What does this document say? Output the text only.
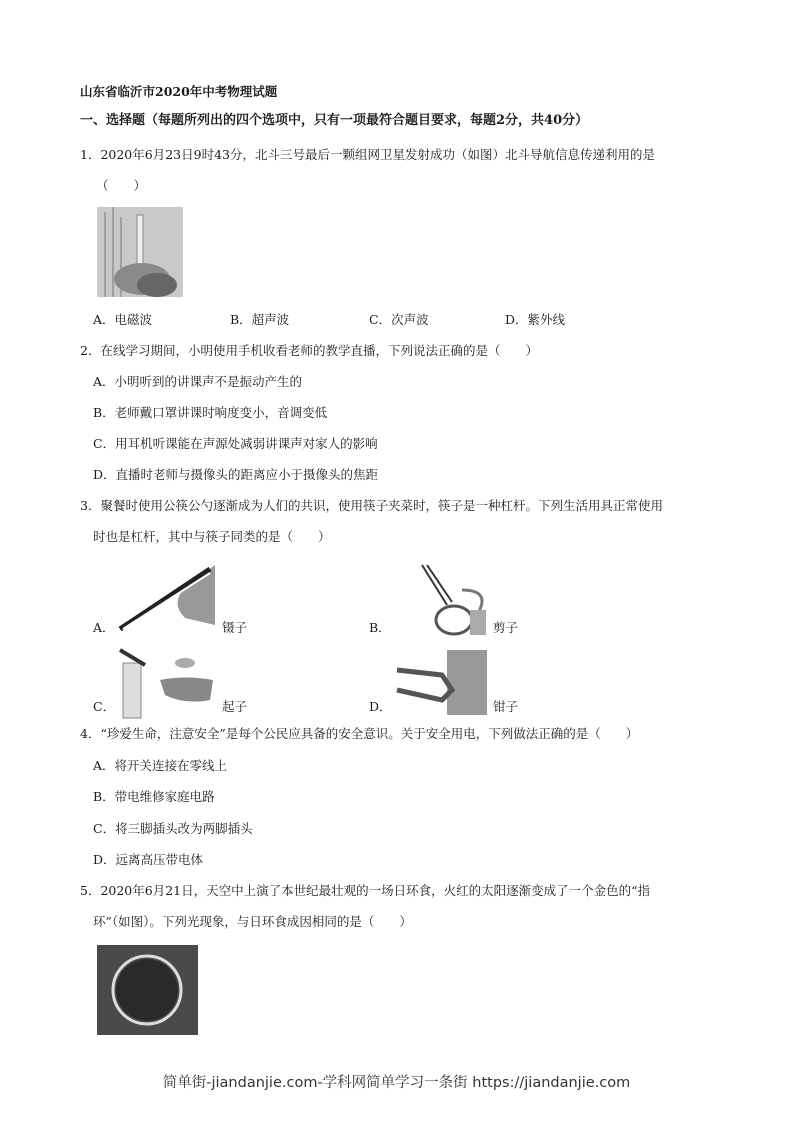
山东省临沂市2020年中考物理试题
一、选择题（每题所列出的四个选项中，只有一项最符合题目要求，每题2分，共40分）
1．2020年6月23日9时43分，北斗三号最后一颗组网卫星发射成功（如图）北斗导航信息传递利用的是
（　　）
A．电磁波	B．超声波	C．次声波	D．紫外线
2．在线学习期间，小明使用手机收看老师的教学直播，下列说法正确的是（　　）
A．小明听到的讲课声不是振动产生的
B．老师戴口罩讲课时响度变小，音调变低
C．用耳机听课能在声源处减弱讲课声对家人的影响
D．直播时老师与摄像头的距离应小于摄像头的焦距
3．聚餐时使用公筷公勺逐渐成为人们的共识，使用筷子夹菜时，筷子是一种杠杆。下列生活用具正常使用
时也是杠杆，其中与筷子同类的是（　　）
A．	镊子	B．	剪子
C．	起子	D．	钳子
4．“珍爱生命，注意安全”是每个公民应具备的安全意识。关于安全用电，下列做法正确的是（　　）
A．将开关连接在零线上
B．带电维修家庭电路
C．将三脚插头改为两脚插头
D．远离高压带电体
5．2020年6月21日，天空中上演了本世纪最壮观的一场日环食，火红的太阳逐渐变成了一个金色的“指
环”（如图）。下列光现象，与日环食成因相同的是（　　）
简单街-jiandanjie.com-学科网简单学习一条街 https://jiandanjie.com
